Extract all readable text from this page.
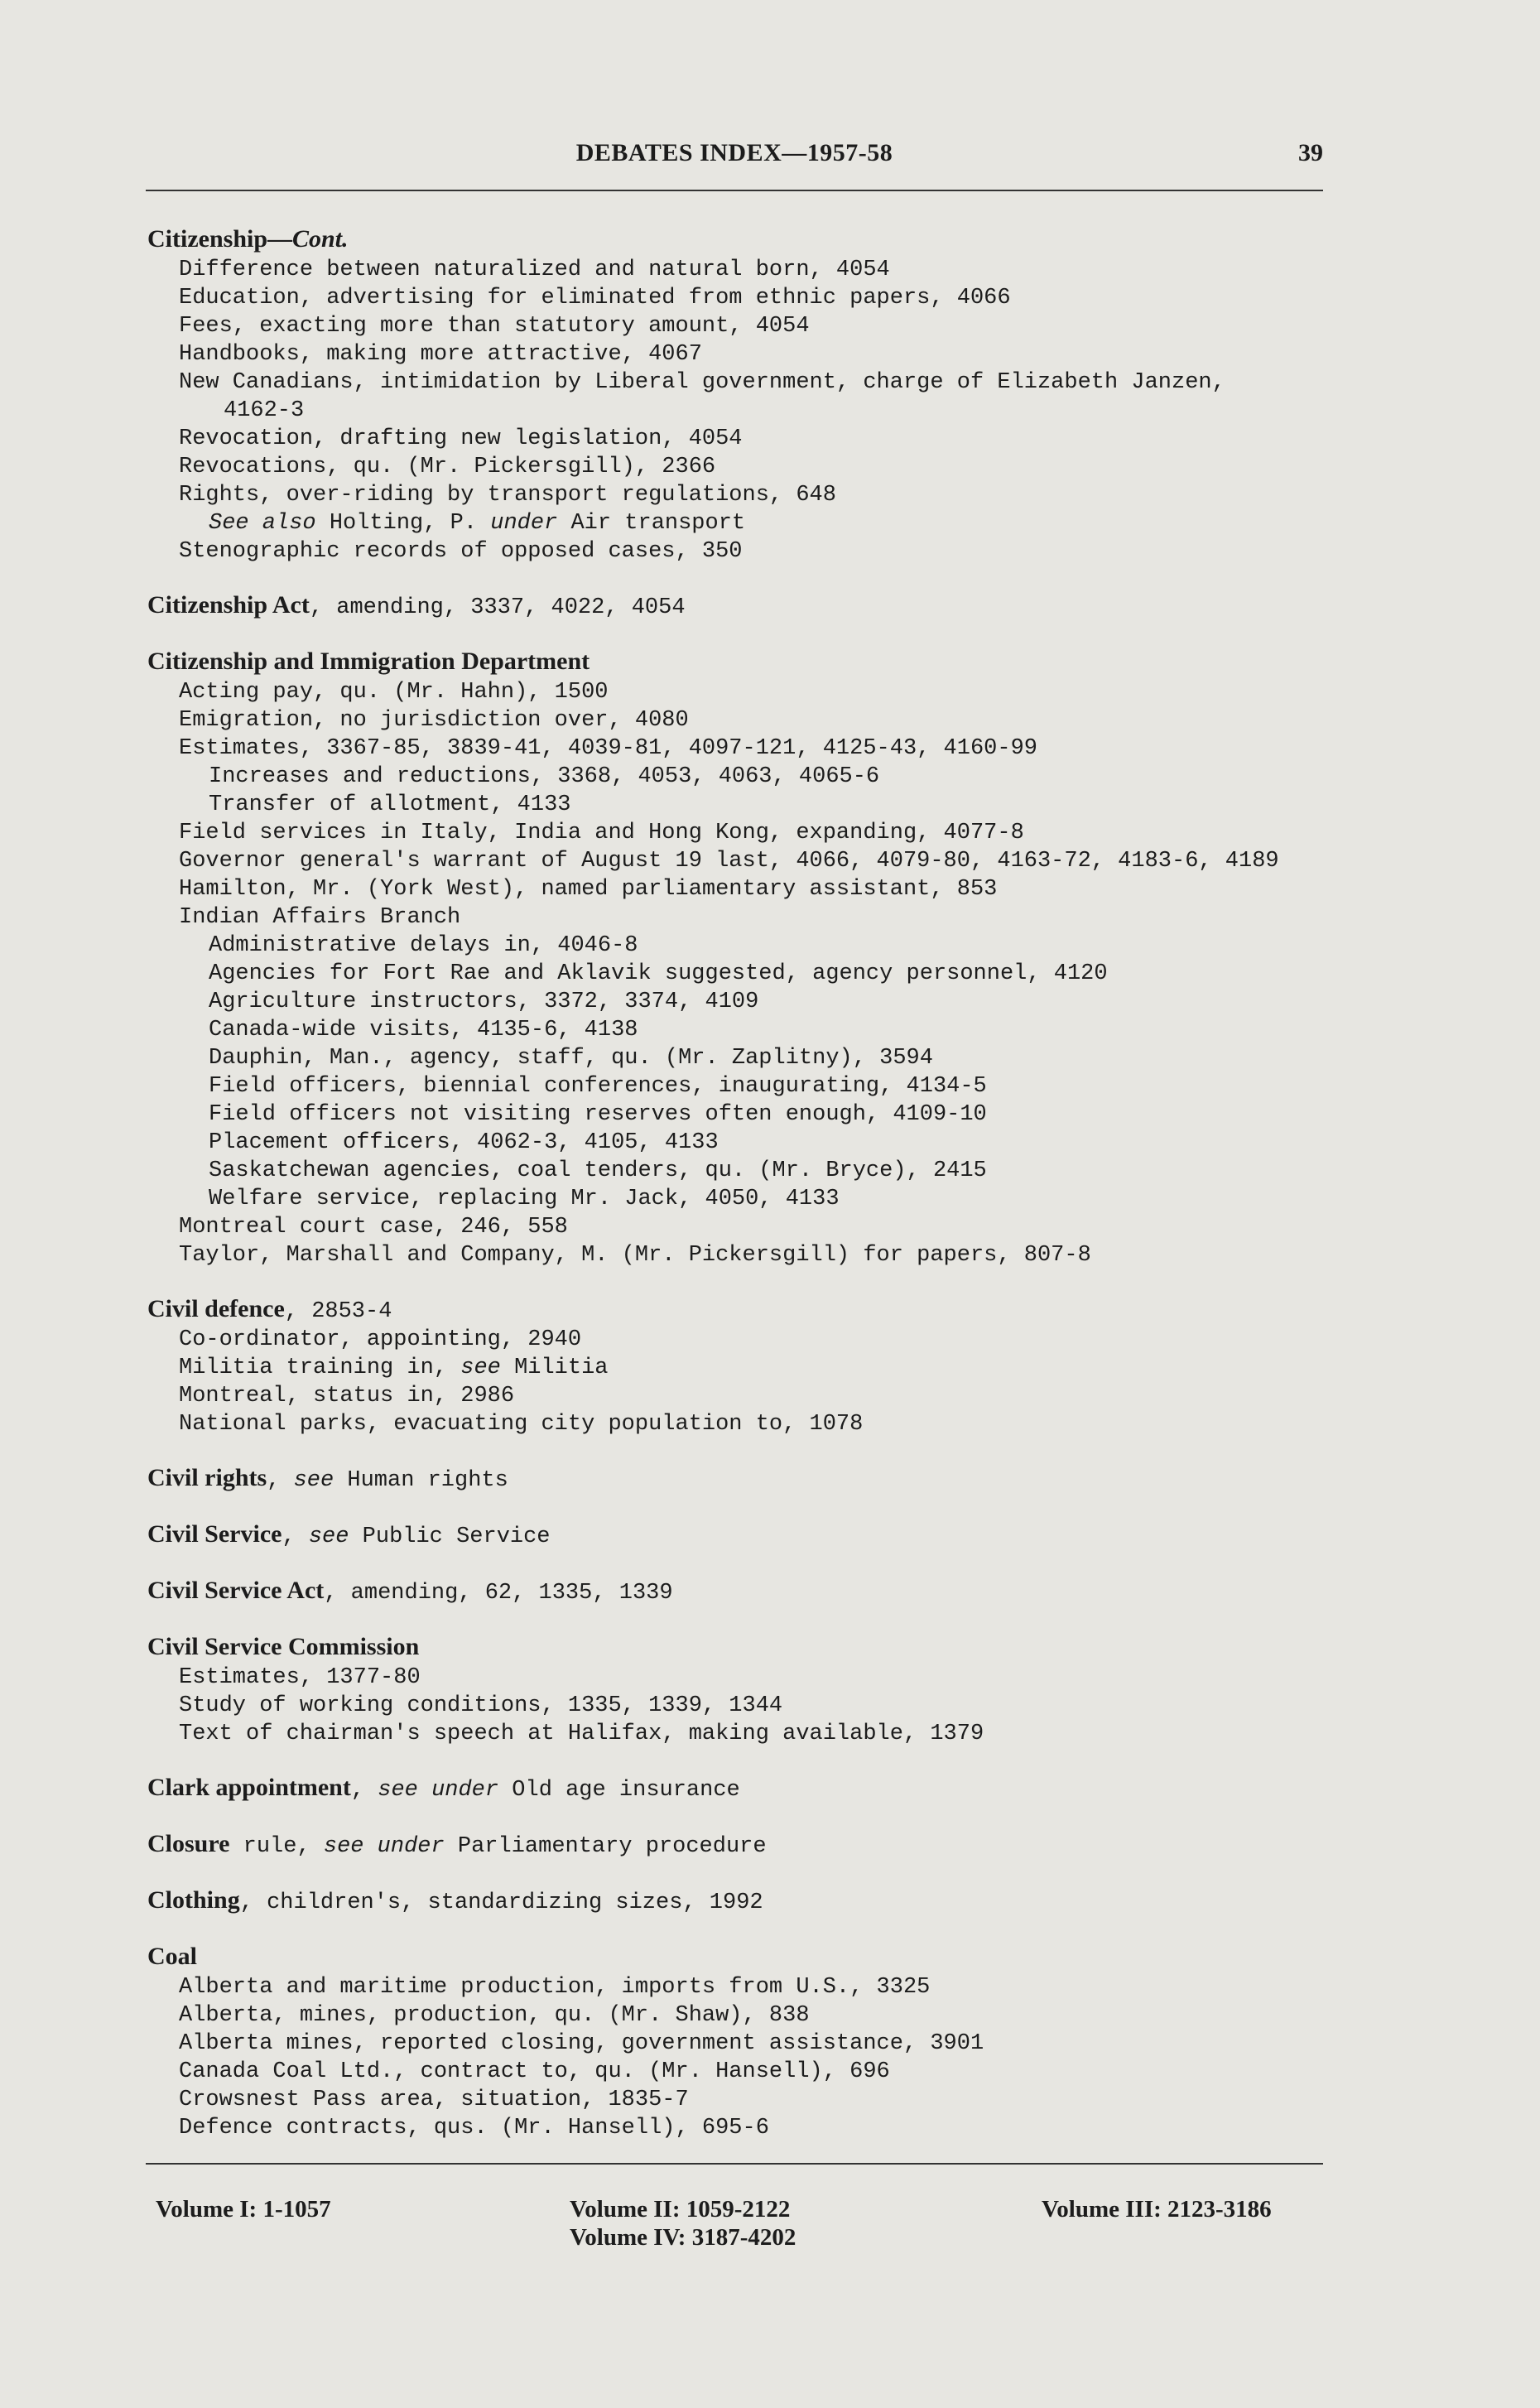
DEBATES INDEX—1957-58	39
Citizenship—Cont.
Difference between naturalized and natural born, 4054
Education, advertising for eliminated from ethnic papers, 4066
Fees, exacting more than statutory amount, 4054
Handbooks, making more attractive, 4067
New Canadians, intimidation by Liberal government, charge of Elizabeth Janzen,
4162-3
Revocation, drafting new legislation, 4054
Revocations, qu. (Mr. Pickersgill), 2366
Rights, over-riding by transport regulations, 648
See also Holting, P. under Air transport
Stenographic records of opposed cases, 350
Citizenship Act, amending, 3337, 4022, 4054
Citizenship and Immigration Department
Acting pay, qu. (Mr. Hahn), 1500
Emigration, no jurisdiction over, 4080
Estimates, 3367-85, 3839-41, 4039-81, 4097-121, 4125-43, 4160-99
Increases and reductions, 3368, 4053, 4063, 4065-6
Transfer of allotment, 4133
Field services in Italy, India and Hong Kong, expanding, 4077-8
Governor general's warrant of August 19 last, 4066, 4079-80, 4163-72, 4183-6, 4189
Hamilton, Mr. (York West), named parliamentary assistant, 853
Indian Affairs Branch
Administrative delays in, 4046-8
Agencies for Fort Rae and Aklavik suggested, agency personnel, 4120
Agriculture instructors, 3372, 3374, 4109
Canada-wide visits, 4135-6, 4138
Dauphin, Man., agency, staff, qu. (Mr. Zaplitny), 3594
Field officers, biennial conferences, inaugurating, 4134-5
Field officers not visiting reserves often enough, 4109-10
Placement officers, 4062-3, 4105, 4133
Saskatchewan agencies, coal tenders, qu. (Mr. Bryce), 2415
Welfare service, replacing Mr. Jack, 4050, 4133
Montreal court case, 246, 558
Taylor, Marshall and Company, M. (Mr. Pickersgill) for papers, 807-8
Civil defence, 2853-4
Co-ordinator, appointing, 2940
Militia training in, see Militia
Montreal, status in, 2986
National parks, evacuating city population to, 1078
Civil rights, see Human rights
Civil Service, see Public Service
Civil Service Act, amending, 62, 1335, 1339
Civil Service Commission
Estimates, 1377-80
Study of working conditions, 1335, 1339, 1344
Text of chairman's speech at Halifax, making available, 1379
Clark appointment, see under Old age insurance
Closure rule, see under Parliamentary procedure
Clothing, children's, standardizing sizes, 1992
Coal
Alberta and maritime production, imports from U.S., 3325
Alberta, mines, production, qu. (Mr. Shaw), 838
Alberta mines, reported closing, government assistance, 3901
Canada Coal Ltd., contract to, qu. (Mr. Hansell), 696
Crowsnest Pass area, situation, 1835-7
Defence contracts, qus. (Mr. Hansell), 695-6
Volume I: 1-1057	Volume II: 1059-2122
Volume IV: 3187-4202
Volume III: 2123-3186
